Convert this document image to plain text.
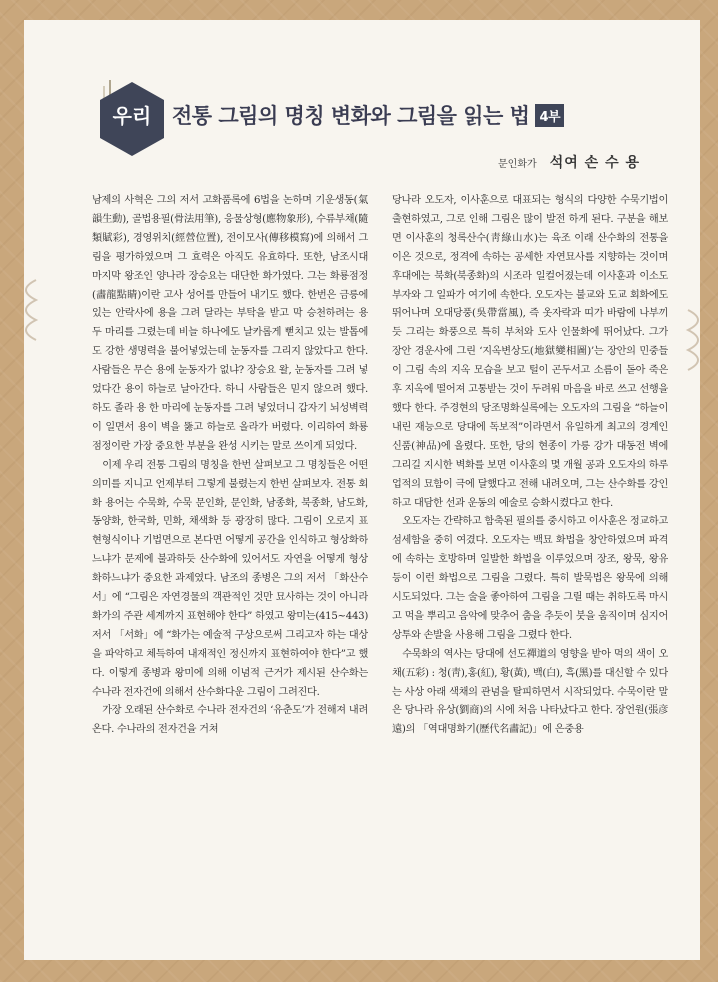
우리 전통 그림의 명칭 변화와 그림을 읽는 법 4부
문인화가 석여 손 수 용

남제의 사혁은 그의 저서 고화품록에 6법을 논하며 기운생동(氣韻生動), 골법용필(骨法用筆), 응물상형(應物象形), 수류부채(隨類賦彩), 경영위치(經營位置), 전이모사(傳移模寫)에 의해서 그림을 평가하였으며 그 효력은 아직도 유효하다. 또한, 남조시대 마지막 왕조인 양나라 장승요는 대단한 화가였다. 그는 화룡점정(畵龍點睛)이란 고사 성어를 만들어 내기도 했다. 한번은 금릉에 있는 안락사에 용을 그려 달라는 부탁을 받고 막 승천하려는 용 두 마리를 그렸는데 비늘 하나에도 날카롭게 뻗치고 있는 발톱에도 강한 생명력을 불어넣었는데 눈동자를 그리지 않았다고 한다. 사람들은 무슨 용에 눈동자가 없냐? 장승요 왈, 눈동자를 그려 넣었다간 용이 하늘로 날아간다. 하니 사람들은 믿지 않으려 했다. 하도 졸라 용 한 마리에 눈동자를 그려 넣었더니 갑자기 뇌성벽력이 일면서 용이 벽을 뚫고 하늘로 올라가 버렸다. 이리하여 화룡점정이란 가장 중요한 부분을 완성 시키는 말로 쓰이게 되었다.

이제 우리 전통 그림의 명칭을 한번 살펴보고 그 명칭들은 어떤 의미를 지니고 언제부터 그렇게 불렸는지 한번 살펴보자. 전통 회화 용어는 수묵화, 수묵 문인화, 문인화, 남종화, 북종화, 남도화, 동양화, 한국화, 민화, 채색화 등 광장히 많다. 그림이 오로지 표현형식이나 기법면으로 본다면 어떻게 공간을 인식하고 형상화하느냐가 문제에 불과하듯 산수화에 있어서도 자연을 어떻게 형상화하느냐가 중요한 과제였다. 남조의 종병은 그의 저서 「화산수서」에 “그림은 자연경물의 객관적인 것만 묘사하는 것이 아니라 화가의 주관 세계까지 표현해야 한다” 하였고 왕미는(415~443) 저서 「서화」에 “화가는 예술적 구상으로써 그리고자 하는 대상을 파악하고 체득하여 내재적인 정신까지 표현하여야 한다”고 했다. 이렇게 종병과 왕미에 의해 이념적 근거가 제시된 산수화는 수나라 전자건에 의해서 산수화다운 그림이 그려진다.

가장 오래된 산수화로 수나라 전자건의 ‘유춘도’가 전해져 내려온다. 수나라의 전자건을 거쳐

당나라 오도자, 이사훈으로 대표되는 형식의 다양한 수묵기법이 출현하였고, 그로 인해 그림은 많이 발전 하게 된다. 구분을 해보면 이사훈의 청록산수(靑綠山水)는 육조 이래 산수화의 전통을 이은 것으로, 정격에 속하는 공세한 자연묘사를 지향하는 것이며 후대에는 북화(북종화)의 시조라 일컬어졌는데 이사훈과 이소도 부자와 그 일파가 여기에 속한다. 오도자는 불교와 도교 회화에도 뛰어나며 오대당풍(吳帶當風), 즉 옷자락과 띠가 바람에 나부끼듯 그리는 화풍으로 특히 부처와 도사 인물화에 뛰어났다. 그가 장안 경운사에 그린 ‘지옥변상도(地獄變相圖)’는 장안의 민중들이 그림 속의 지옥 모습을 보고 털이 곤두서고 소름이 돋아 죽은 후 지옥에 떨어져 고통받는 것이 두려워 마음을 바로 쓰고 선행을 했다 한다. 주경현의 당조명화실록에는 오도자의 그림을 “하늘이 내린 재능으로 당대에 독보적”이라면서 유일하게 최고의 경계인 신품(神品)에 올렸다. 또한, 당의 현종이 가릉 강가 대동전 벽에 그리길 지시한 벽화를 보면 이사훈의 몇 개월 공과 오도자의 하루 업적의 묘함이 극에 달했다고 전해 내려오며, 그는 산수화를 강인하고 대담한 선과 운동의 예술로 승화시켰다고 한다.

오도자는 간략하고 함축된 필의를 중시하고 이사훈은 정교하고 섬세함을 중히 여겼다. 오도자는 백묘 화법을 창안하였으며 파격에 속하는 호방하며 일발한 화법을 이루었으며 장조, 왕묵, 왕유 등이 이런 화법으로 그림을 그렸다. 특히 발묵법은 왕묵에 의해 시도되었다. 그는 술을 좋아하여 그림을 그릴 때는 취하도록 마시고 먹을 뿌리고 음악에 맞추어 춤을 추듯이 붓을 움직이며 심지어 상투와 손발을 사용해 그림을 그렸다 한다.

수묵화의 역사는 당대에 선도禪道의 영향을 받아 먹의 색이 오채(五彩) : 청(靑),홍(紅), 황(黃), 백(白), 흑(黑)를 대신할 수 있다는 사상 아래 색채의 관념을 탈피하면서 시작되었다. 수묵이란 말은 당나라 유상(劉商)의 시에 처음 나타났다고 한다. 장언원(張彦遠)의 「역대명화기(歷代名畵記)」에 은중용
